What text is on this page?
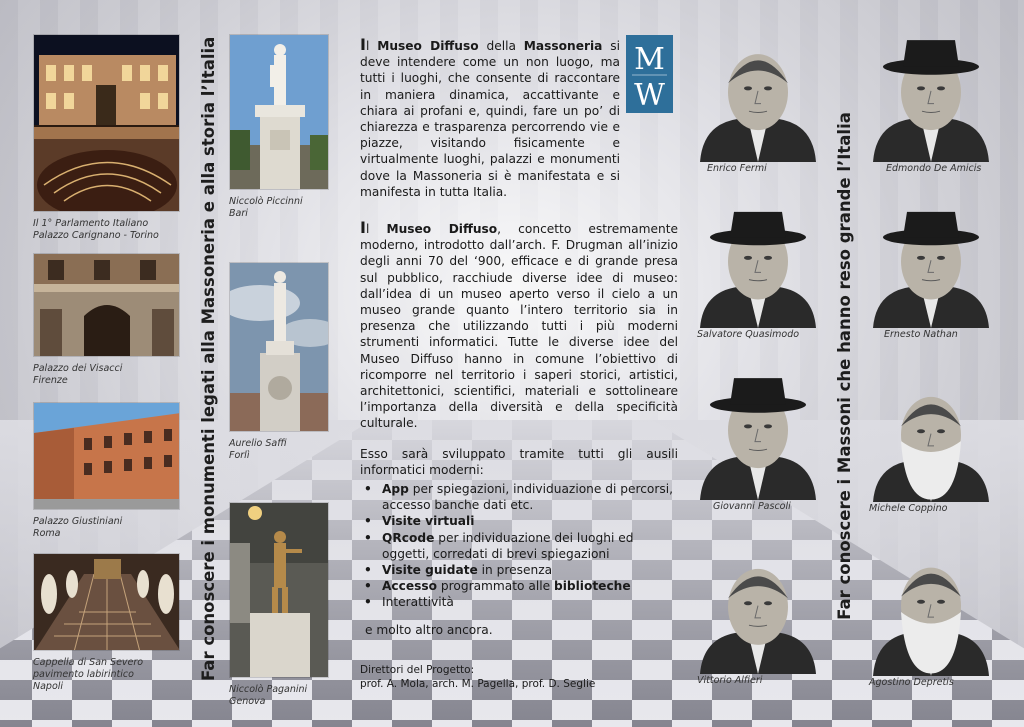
Il 1° Parlamento Italiano
Palazzo Carignano - Torino
Palazzo dei Visacci
Firenze
Palazzo Giustiniani
Roma
Cappella di San Severo
pavimento labirintico
Napoli
Far conoscere i monumenti legati alla Massoneria e alla storia l’Italia	Niccolò Piccinni
Bari
Aurelio Saffi
Forlì
Niccolò Paganini
Genova
Il Museo Diffuso della Massoneria si deve intendere come un non luogo, ma tutti i luoghi, che consente di raccontare in maniera dinamica, accattivante e chiara ai profani e, quindi, fare un po’ di chiarezza e trasparenza percorrendo vie e piazze, visitando fisicamente e virtualmente luoghi, palazzi e monumenti dove la Massoneria si è manifestata e si manifesta in tutta Italia.
M
W
Il Museo Diffuso, concetto estremamente moderno, introdotto dall’arch. F. Drugman all’inizio degli anni 70 del ‘900, efficace e di grande presa sul pubblico, racchiude diverse idee di museo: dall’idea di un museo aperto verso il cielo a un museo grande quanto l’intero territorio sia in presenza che utilizzando tutti i più moderni strumenti informatici. Tutte le diverse idee del Museo Diffuso hanno in comune l’obiettivo di ricomporre nel territorio i saperi storici, artistici, architettonici, scientifici, materiali e sottolineare l’importanza della diversità e della specificità culturale.
Esso sarà sviluppato tramite tutti gli ausili informatici moderni:
• App per spiegazioni, individuazione di percorsi, accesso banche dati etc.
• Visite virtuali
• QRcode per individuazione dei luoghi ed oggetti, corredati di brevi spiegazioni
• Visite guidate in presenza
• Accesso programmato alle biblioteche
• Interattività
e molto altro ancora.
Direttori del Progetto:
prof. A. Mola, arch. M. Pagella, prof. D. Seglie
Enrico Fermi	Edmondo De Amicis
Salvatore Quasimodo	Ernesto Nathan
Giovanni Pascoli	Michele Coppino
Vittorio Alfieri	Agostino Depretis
Far conoscere i Massoni che hanno reso grande l’Italia
